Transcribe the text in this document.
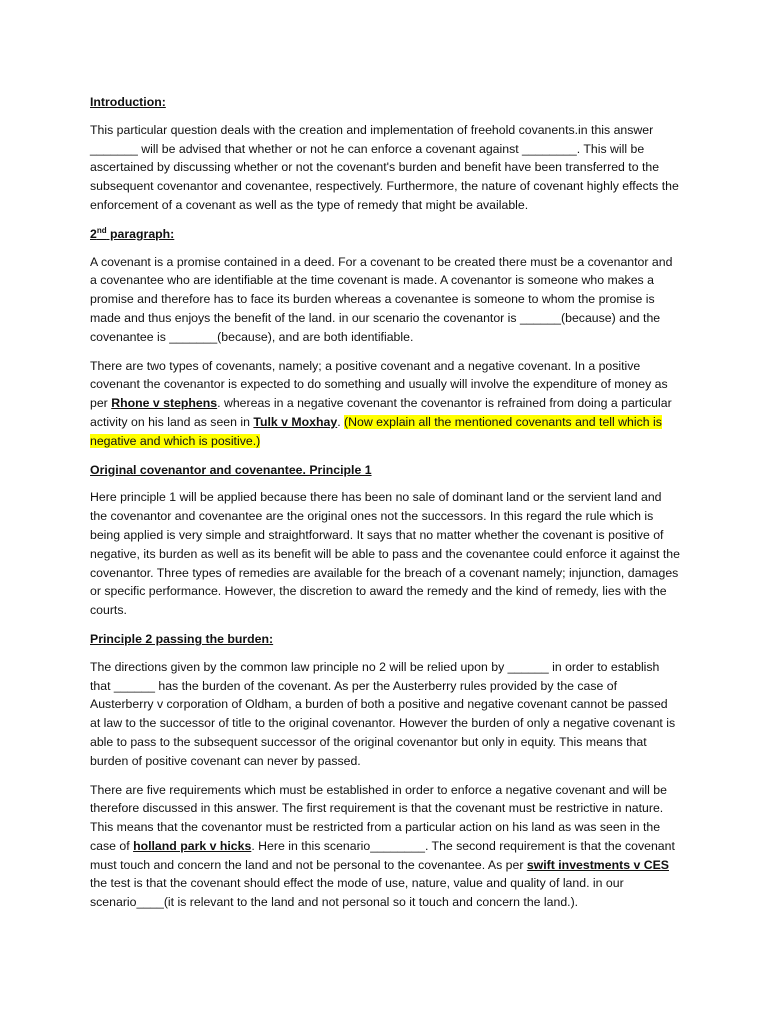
Introduction:

This particular question deals with the creation and implementation of freehold covanents.in this answer _______ will be advised that whether or not he can enforce a covenant against ________. This will be ascertained by discussing whether or not the covenant's burden and benefit have been transferred to the subsequent covenantor and covenantee, respectively. Furthermore, the nature of covenant highly effects the enforcement of a covenant as well as the type of remedy that might be available.

2nd paragraph:

A covenant is a promise contained in a deed. For a covenant to be created there must be a covenantor and a covenantee who are identifiable at the time covenant is made. A covenantor is someone who makes a promise and therefore has to face its burden whereas a covenantee is someone to whom the promise is made and thus enjoys the benefit of the land. in our scenario the covenantor is ______(because) and the covenantee is _______(because), and are both identifiable.

There are two types of covenants, namely; a positive covenant and a negative covenant. In a positive covenant the covenantor is expected to do something and usually will involve the expenditure of money as per Rhone v stephens. whereas in a negative covenant the covenantor is refrained from doing a particular activity on his land as seen in Tulk v Moxhay. (Now explain all the mentioned covenants and tell which is negative and which is positive.)

Original covenantor and covenantee. Principle 1

Here principle 1 will be applied because there has been no sale of dominant land or the servient land and the covenantor and covenantee are the original ones not the successors. In this regard the rule which is being applied is very simple and straightforward. It says that no matter whether the covenant is positive of negative, its burden as well as its benefit will be able to pass and the covenantee could enforce it against the covenantor. Three types of remedies are available for the breach of a covenant namely; injunction, damages or specific performance. However, the discretion to award the remedy and the kind of remedy, lies with the courts.

Principle 2 passing the burden:

The directions given by the common law principle no 2 will be relied upon by ______ in order to establish that ______ has the burden of the covenant. As per the Austerberry rules provided by the case of Austerberry v corporation of Oldham, a burden of both a positive and negative covenant cannot be passed at law to the successor of title to the original covenantor. However the burden of only a negative covenant is able to pass to the subsequent successor of the original covenantor but only in equity. This means that burden of positive covenant can never by passed.

There are five requirements which must be established in order to enforce a negative covenant and will be therefore discussed in this answer. The first requirement is that the covenant must be restrictive in nature. This means that the covenantor must be restricted from a particular action on his land as was seen in the case of holland park v hicks. Here in this scenario________. The second requirement is that the covenant must touch and concern the land and not be personal to the covenantee. As per swift investments v CES the test is that the covenant should effect the mode of use, nature, value and quality of land. in our scenario____(it is relevant to the land and not personal so it touch and concern the land.).
